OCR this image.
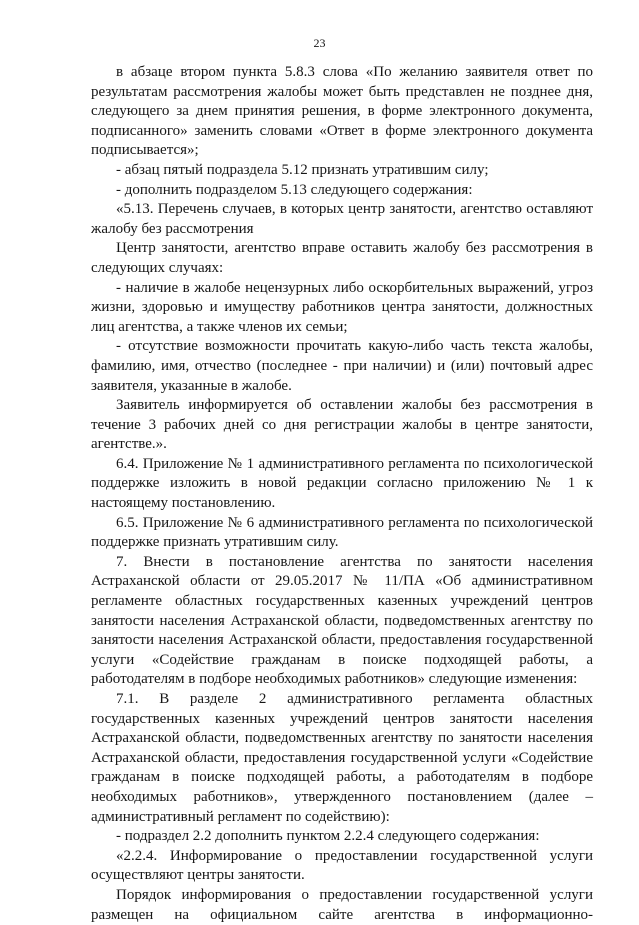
23

в абзаце втором пункта 5.8.3 слова «По желанию заявителя ответ по результатам рассмотрения жалобы может быть представлен не позднее дня, следующего за днем принятия решения, в форме электронного документа, подписанного» заменить словами «Ответ в форме электронного документа подписывается»;

- абзац пятый подраздела 5.12 признать утратившим силу;

- дополнить подразделом 5.13 следующего содержания:

«5.13. Перечень случаев, в которых центр занятости, агентство оставляют жалобу без рассмотрения

Центр занятости, агентство вправе оставить жалобу без рассмотрения в следующих случаях:

- наличие в жалобе нецензурных либо оскорбительных выражений, угроз жизни, здоровью и имуществу работников центра занятости, должностных лиц агентства, а также членов их семьи;

- отсутствие возможности прочитать какую-либо часть текста жалобы, фамилию, имя, отчество (последнее - при наличии) и (или) почтовый адрес заявителя, указанные в жалобе.

Заявитель информируется об оставлении жалобы без рассмотрения в течение 3 рабочих дней со дня регистрации жалобы в центре занятости, агентстве.».

6.4. Приложение № 1 административного регламента по психологической поддержке изложить в новой редакции согласно приложению № 1 к настоящему постановлению.

6.5. Приложение № 6 административного регламента по психологической поддержке признать утратившим силу.

7. Внести в постановление агентства по занятости населения Астраханской области от 29.05.2017 № 11/ПА «Об административном регламенте областных государственных казенных учреждений центров занятости населения Астраханской области, подведомственных агентству по занятости населения Астраханской области, предоставления государственной услуги «Содействие гражданам в поиске подходящей работы, а работодателям в подборе необходимых работников» следующие изменения:

7.1. В разделе 2 административного регламента областных государственных казенных учреждений центров занятости населения Астраханской области, подведомственных агентству по занятости населения Астраханской области, предоставления государственной услуги «Содействие гражданам в поиске подходящей работы, а работодателям в подборе необходимых работников», утвержденного постановлением (далее – административный регламент по содействию):

- подраздел 2.2 дополнить пунктом 2.2.4 следующего содержания:

«2.2.4. Информирование о предоставлении государственной услуги осуществляют центры занятости.

Порядок информирования о предоставлении государственной услуги размещен на официальном сайте агентства в информационно-
